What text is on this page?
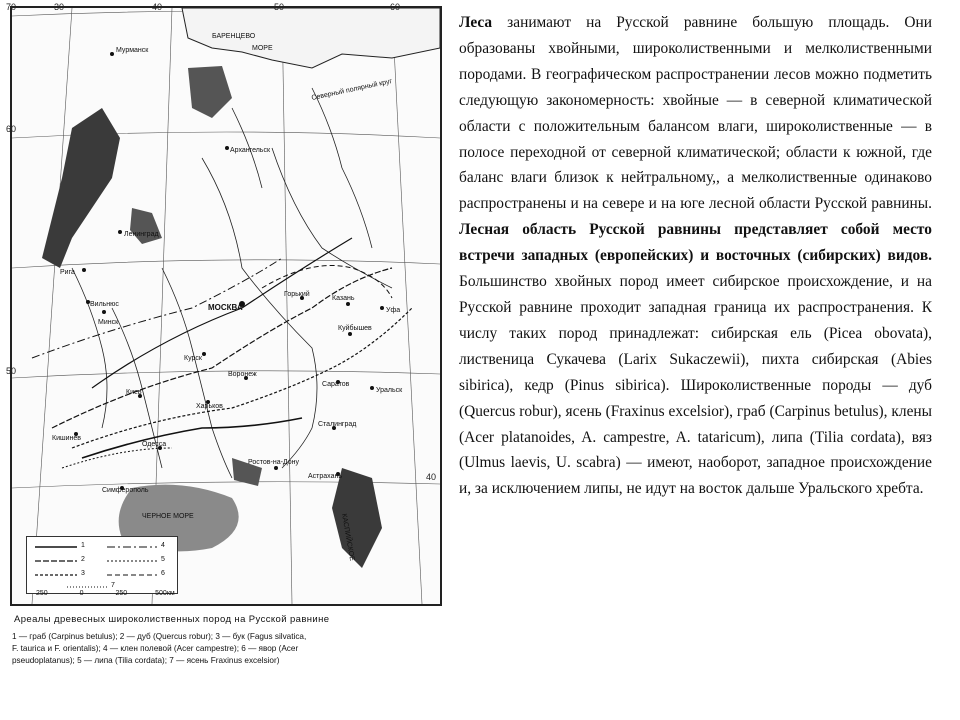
БАРЕНЦЕВО
МОРЕ
Мурманск
Северный полярный круг
Архангельск
Ленинград
Рига
Вильнюс
Минск
МОСКВА
Горький
Казань
Уфа
Куйбышев
Курск
Воронеж
Харьков
Киев
Саратов
Уральск
Сталинград
Ростов-на-Дону
Астрахань
Одесса
Кишинев
Симферополь
ЧЕРНОЕ МОРЕ	КАСПИЙСКОЕ
1
2
3
4
5
6
7
250	0	250	500км
70
60
50
40
30	40	50	60
Ареалы древесных широколиственных пород на Русской равнине
1 — граб (Carpinus betulus); 2 — дуб (Quercus robur); 3 — бук (Fagus silvatica,
F. taurica и F. orientalis); 4 — клен полевой (Acer campestre); 6 — явор (Acer
pseudoplatanus); 5 — липа (Tilia cordata); 7 — ясень Fraxinus excelsior)
Леса занимают на Русской равнине большую площадь. Они образованы хвойными, широколиственными и мелколиственными породами. В географическом распространении лесов можно подметить следующую закономерность: хвойные — в северной климатической области с положительным балансом влаги, широколиственные — в полосе переходной от северной климатической; области к южной, где баланс влаги близок к нейтральному,, а мелколиственные одинаково распространены и на севере и на юге лесной области Русской равнины. Лесная область Русской равнины представляет собой место встречи западных (европейских) и восточных (сибирских) видов. Большинство хвойных пород имеет сибирское происхождение, и на Русской равнине проходит западная граница их распространения. К числу таких пород принадлежат: сибирская ель (Picea obovata), лиственица Сукачева (Larix Sukaczewii), пихта сибирская (Abies sibirica), кедр (Pinus sibirica). Широколиственные породы — дуб (Quercus robur), ясень (Fraxinus excelsior), граб (Carpinus betulus), клены (Acer platanoides, A. campestre, A. tataricum), липа (Tilia cordata), вяз (Ulmus laevis, U. scabra) — имеют, наоборот, западное происхождение и, за исключением липы, не идут на восток дальше Уральского хребта.
